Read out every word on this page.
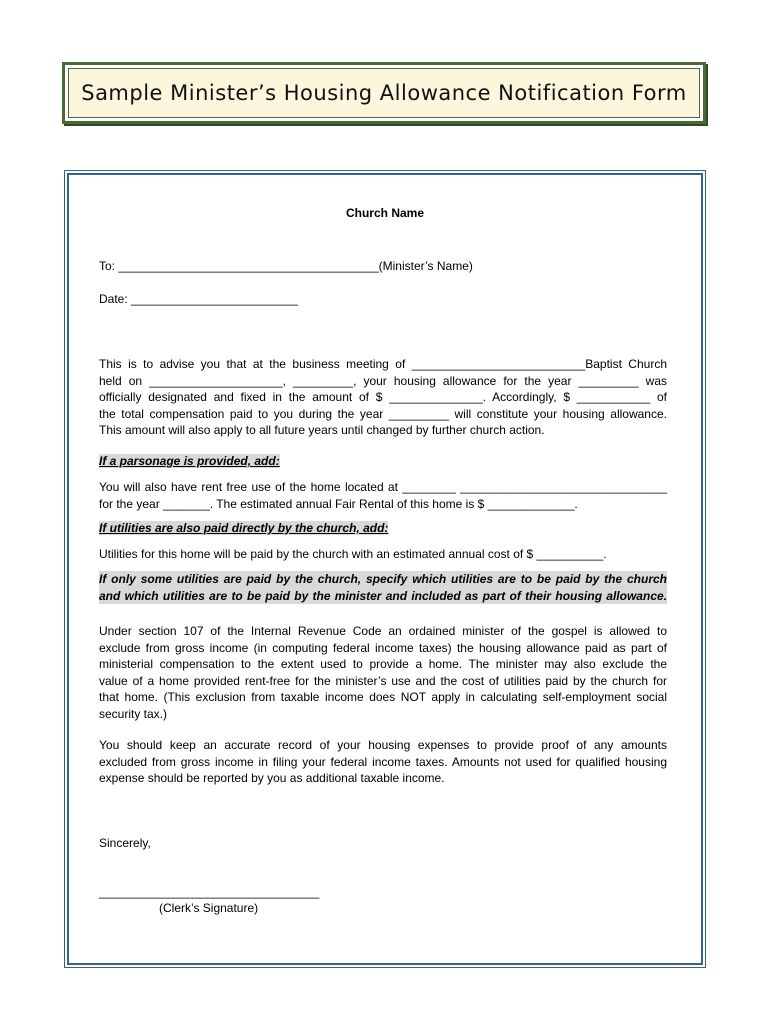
Sample Minister’s Housing Allowance Notification Form
Church Name
To: _______________________________________(Minister’s Name)
Date: _________________________
This is to advise you that at the business meeting of __________________________Baptist Church
held on ____________________, _________, your housing allowance for the year _________ was
officially designated and fixed in the amount of $ ______________. Accordingly, $ ___________ of
the total compensation paid to you during the year _________ will constitute your housing allowance.
This amount will also apply to all future years until changed by further church action.
If a parsonage is provided, add:
You will also have rent free use of the home located at ________ _______________________________
for the year _______. The estimated annual Fair Rental of this home is $ _____________.
If utilities are also paid directly by the church, add:
Utilities for this home will be paid by the church with an estimated annual cost of $ __________.
If only some utilities are paid by the church, specify which utilities are to be paid by the church
and which utilities are to be paid by the minister and included as part of their housing allowance.
Under section 107 of the Internal Revenue Code an ordained minister of the gospel is allowed to
exclude from gross income (in computing federal income taxes) the housing allowance paid as part of
ministerial compensation to the extent used to provide a home. The minister may also exclude the
value of a home provided rent-free for the minister’s use and the cost of utilities paid by the church for
that home. (This exclusion from taxable income does NOT apply in calculating self-employment social
security tax.)
You should keep an accurate record of your housing expenses to provide proof of any amounts
excluded from gross income in filing your federal income taxes. Amounts not used for qualified housing
expense should be reported by you as additional taxable income.
Sincerely,
_________________________________
(Clerk’s Signature)
